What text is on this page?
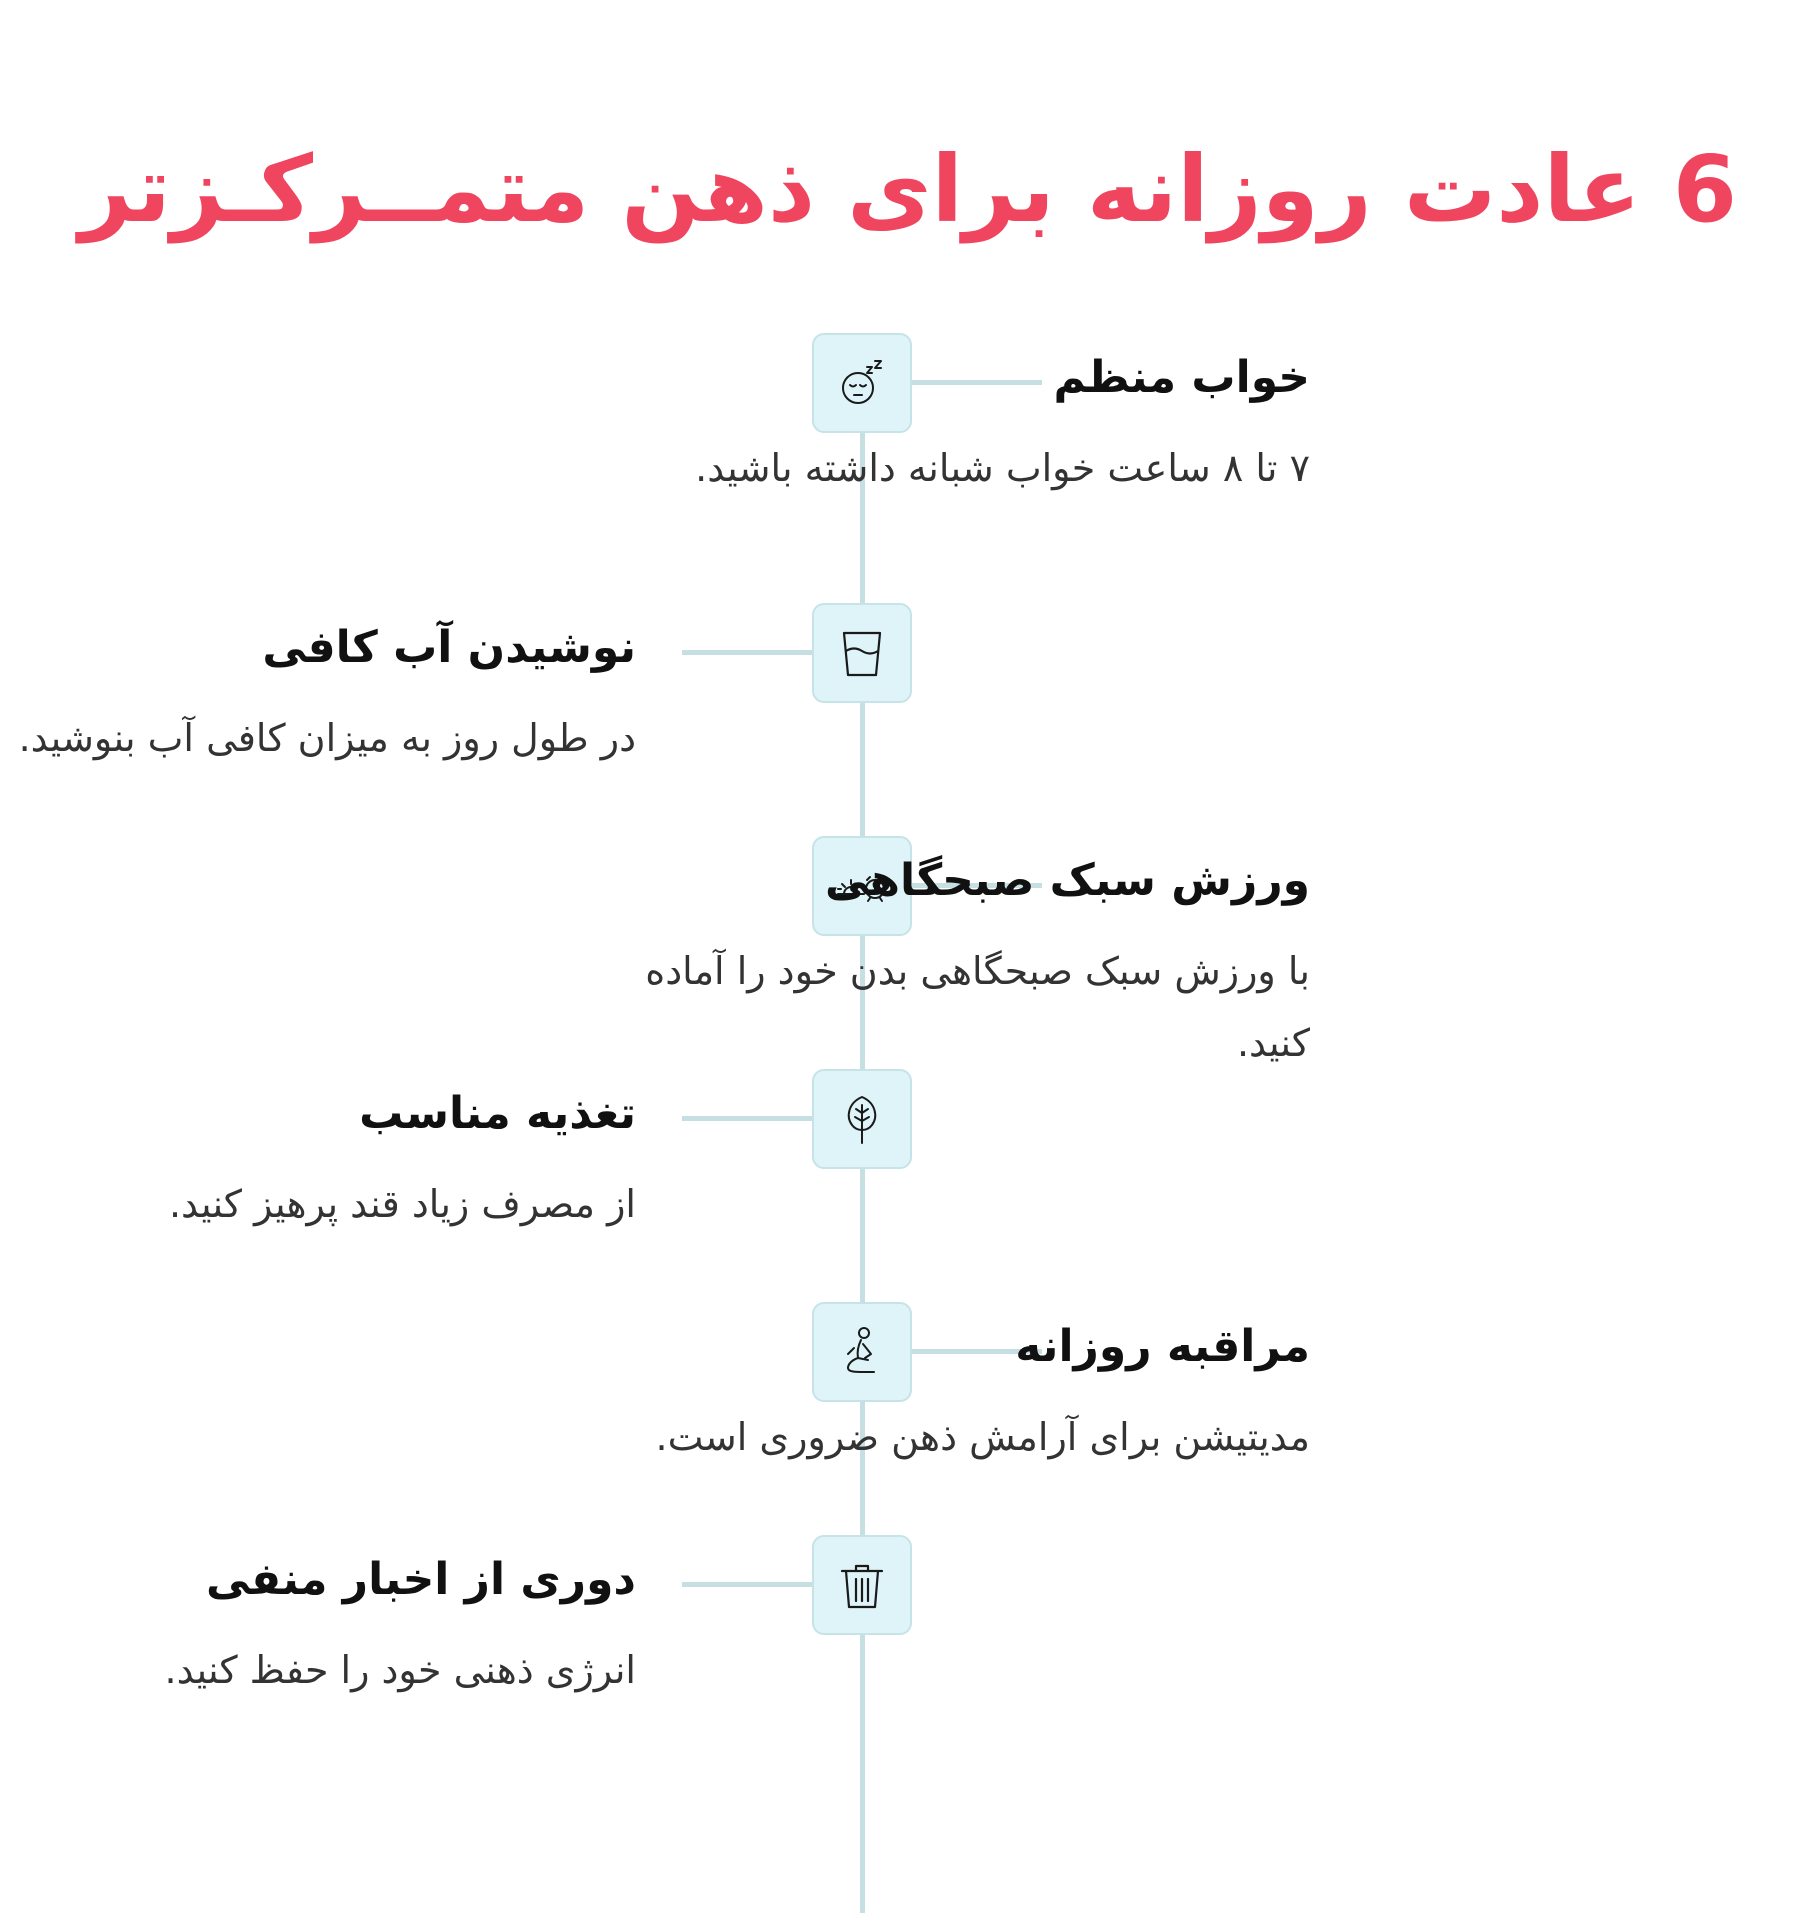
6 عادت روزانه برای ذهن متمــرکـزتر
خواب منظم

۷ تا ۸ ساعت خواب شبانه داشته باشید.

نوشیدن آب کافی

در طول روز به میزان کافی آب بنوشید.

ورزش سبک صبحگاهی

با ورزش سبک صبحگاهی بدن خود را آماده کنید.

تغذیه مناسب

از مصرف زیاد قند پرهیز کنید.

مراقبه روزانه

مدیتیشن برای آرامش ذهن ضروری است.

دوری از اخبار منفی

انرژی ذهنی خود را حفظ کنید.
